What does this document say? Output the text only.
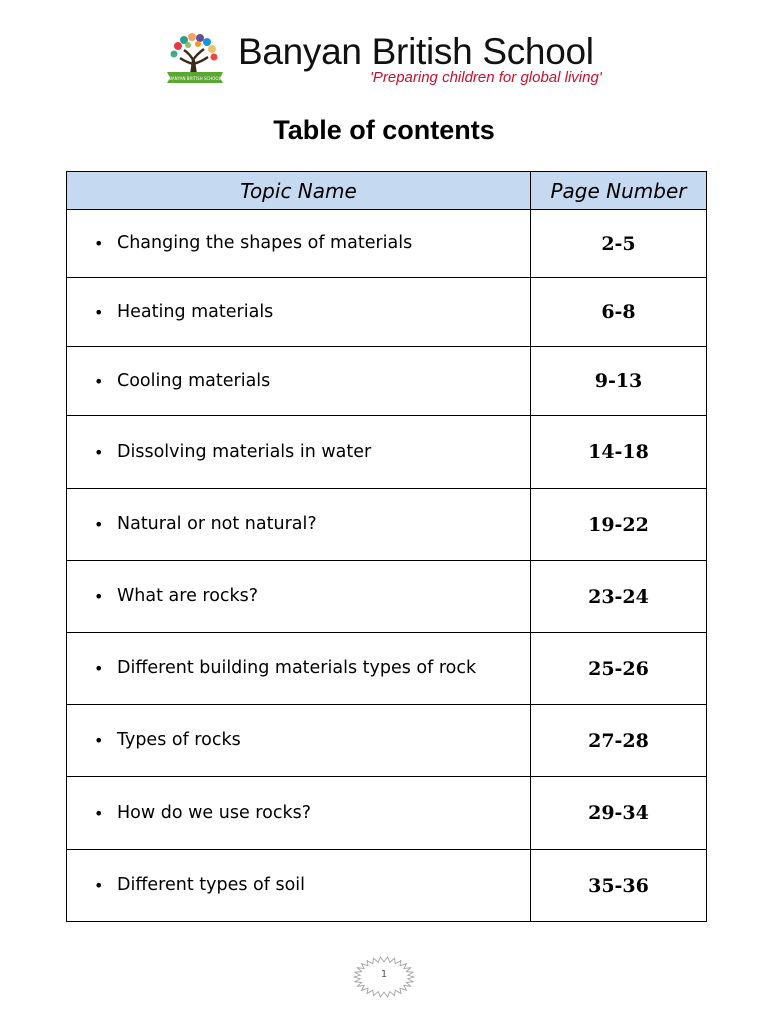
BANYAN BRITISH SCHOOL
Banyan British School
'Preparing children for global living'
Table of contents
Topic Name	Page Number

• Changing the shapes of materials	2-5

• Heating materials	6-8

• Cooling materials	9-13

• Dissolving materials in water	14-18

• Natural or not natural?	19-22

• What are rocks?	23-24

• Different building materials types of rock	25-26

• Types of rocks	27-28

• How do we use rocks?	29-34

• Different types of soil	35-36
1
